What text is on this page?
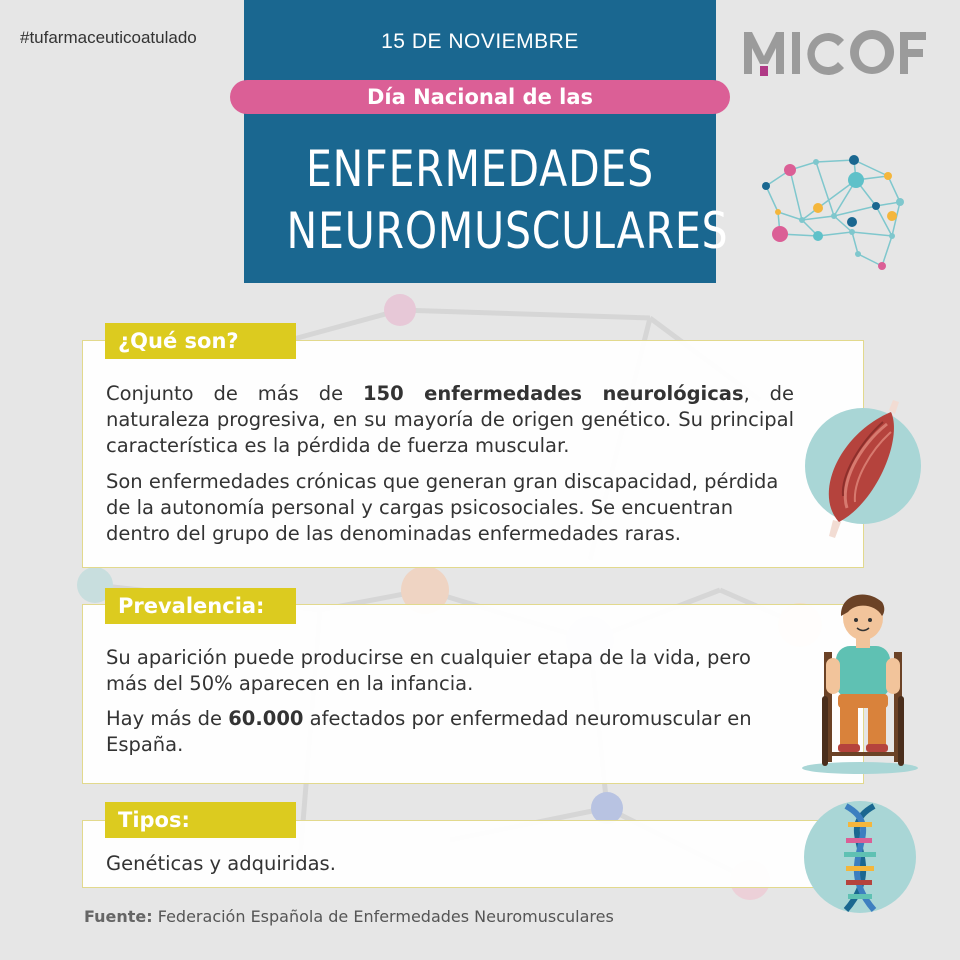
#tufarmaceuticoatulado	15 DE NOVIEMBRE
Día Nacional de las
ENFERMEDADES
NEUROMUSCULARES
¿Qué son?
Conjunto de más de 150 enfermedades neurológicas, de naturaleza progresiva, en su mayoría de origen genético. Su principal característica es la pérdida de fuerza muscular.
Son enfermedades crónicas que generan gran discapacidad, pérdida de la autonomía personal y cargas psicosociales. Se encuentran dentro del grupo de las denominadas enfermedades raras.
Prevalencia:
Su aparición puede producirse en cualquier etapa de la vida, pero más del 50% aparecen en la infancia.
Hay más de 60.000 afectados por enfermedad neuromuscular en España.
Tipos:
Genéticas y adquiridas.
Fuente: Federación Española de Enfermedades Neuromusculares
